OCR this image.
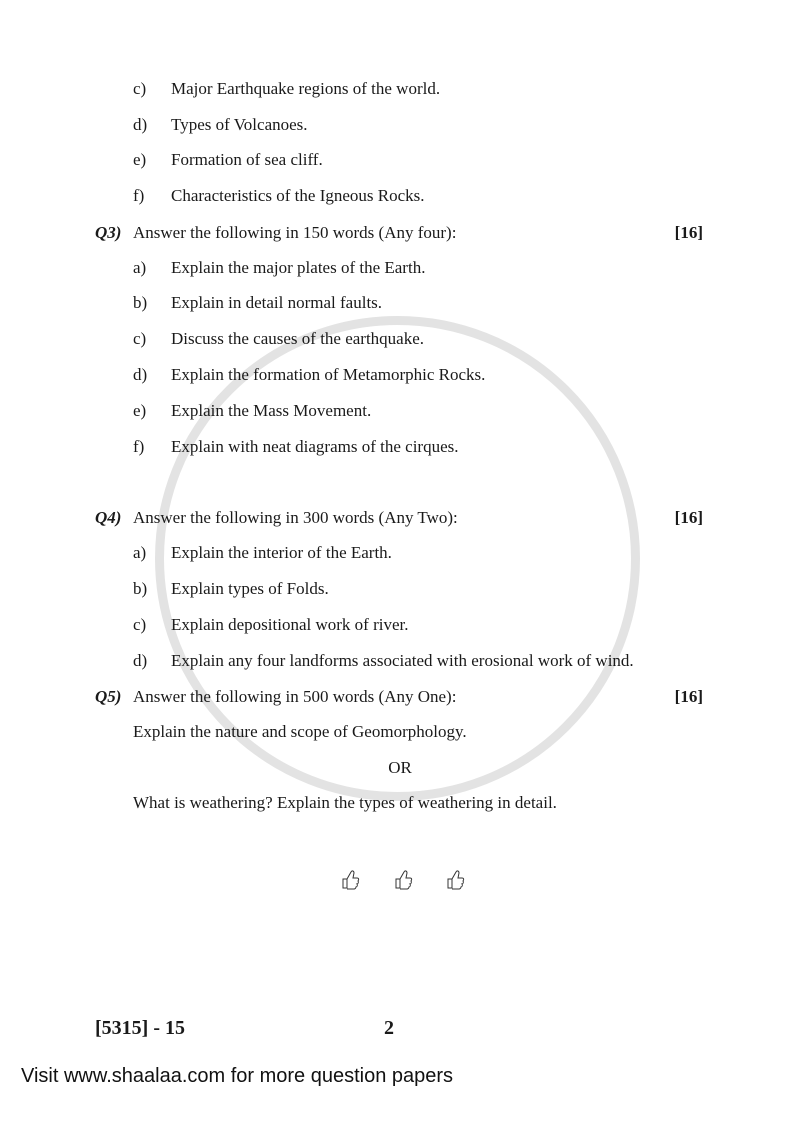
c) Major Earthquake regions of the world.
d) Types of Volcanoes.
e) Formation of sea cliff.
f) Characteristics of the Igneous Rocks.
Q3) Answer the following in 150 words (Any four):	[16]
a) Explain the major plates of the Earth.
b) Explain in detail normal faults.
c) Discuss the causes of the earthquake.
d) Explain the formation of Metamorphic Rocks.
e) Explain the Mass Movement.
f) Explain with neat diagrams of the cirques.
Q4) Answer the following in 300 words (Any Two):	[16]
a) Explain the interior of the Earth.
b) Explain types of Folds.
c) Explain depositional work of river.
d) Explain any four landforms associated with erosional work of wind.
Q5) Answer the following in 500 words (Any One):	[16]
Explain the nature and scope of Geomorphology.
OR
What is weathering? Explain the types of weathering in detail.
[5315] - 15	2
Visit www.shaalaa.com for more question papers
